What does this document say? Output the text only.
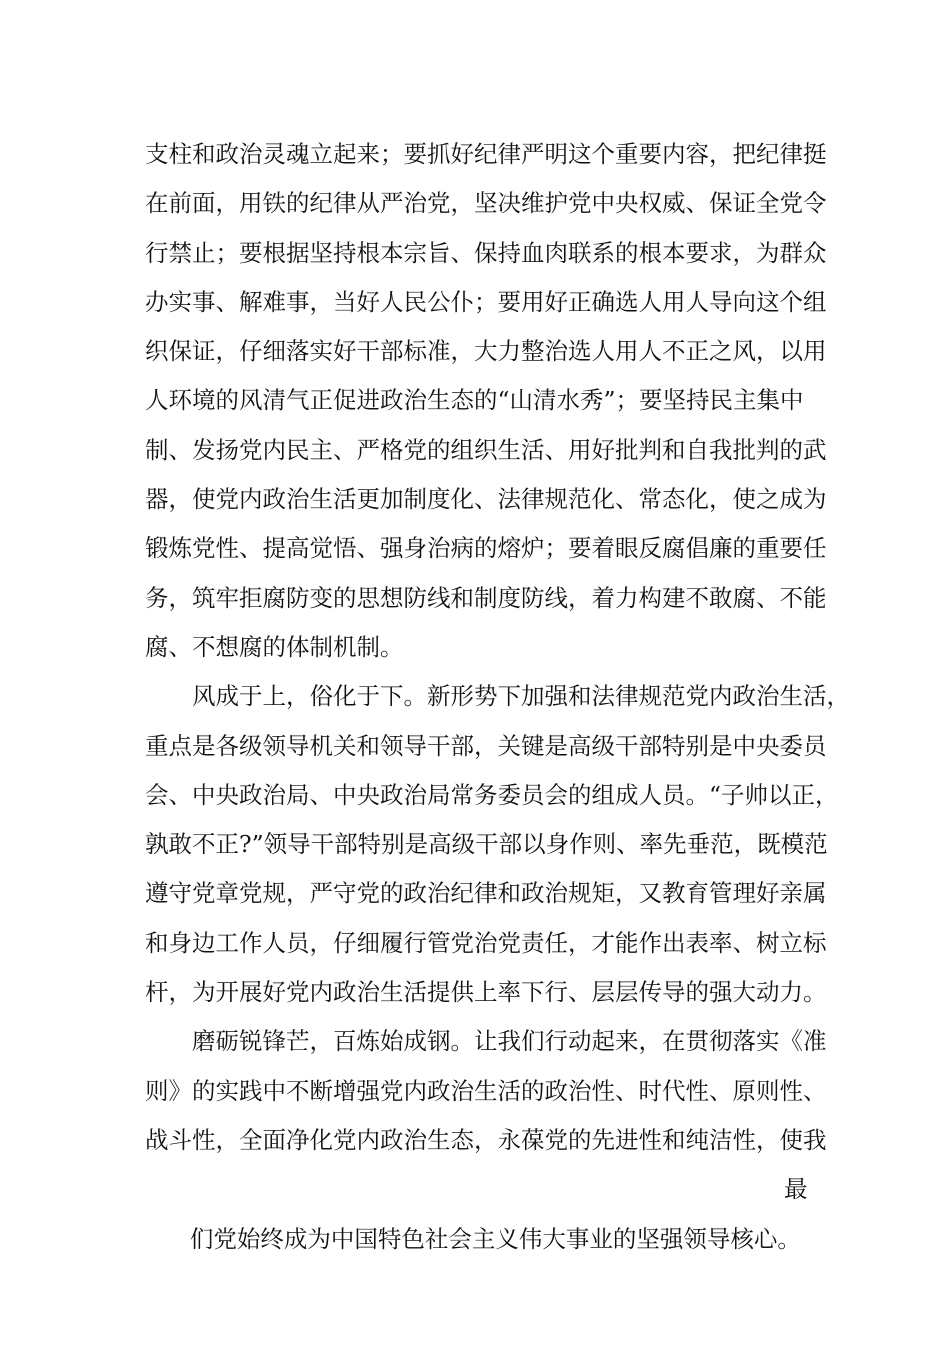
支柱和政治灵魂立起来；要抓好纪律严明这个重要内容，把纪律挺
在前面，用铁的纪律从严治党，坚决维护党中央权威、保证全党令
行禁止；要根据坚持根本宗旨、保持血肉联系的根本要求，为群众
办实事、解难事，当好人民公仆；要用好正确选人用人导向这个组
织保证，仔细落实好干部标准，大力整治选人用人不正之风，以用
人环境的风清气正促进政治生态的“山清水秀”；要坚持民主集中
制、发扬党内民主、严格党的组织生活、用好批判和自我批判的武
器，使党内政治生活更加制度化、法律规范化、常态化，使之成为
锻炼党性、提高觉悟、强身治病的熔炉；要着眼反腐倡廉的重要任
务，筑牢拒腐防变的思想防线和制度防线，着力构建不敢腐、不能
腐、不想腐的体制机制。
风成于上，俗化于下。新形势下加强和法律规范党内政治生活，
重点是各级领导机关和领导干部，关键是高级干部特别是中央委员
会、中央政治局、中央政治局常务委员会的组成人员。“子帅以正，
孰敢不正?”领导干部特别是高级干部以身作则、率先垂范，既模范
遵守党章党规，严守党的政治纪律和政治规矩，又教育管理好亲属
和身边工作人员，仔细履行管党治党责任，才能作出表率、树立标
杆，为开展好党内政治生活提供上率下行、层层传导的强大动力。
磨砺锐锋芒，百炼始成钢。让我们行动起来，在贯彻落实《准
则》的实践中不断增强党内政治生活的政治性、时代性、原则性、
战斗性，全面净化党内政治生态，永葆党的先进性和纯洁性，使我

们党始终成为中国特色社会主义伟大事业的坚强领导核心。

最
